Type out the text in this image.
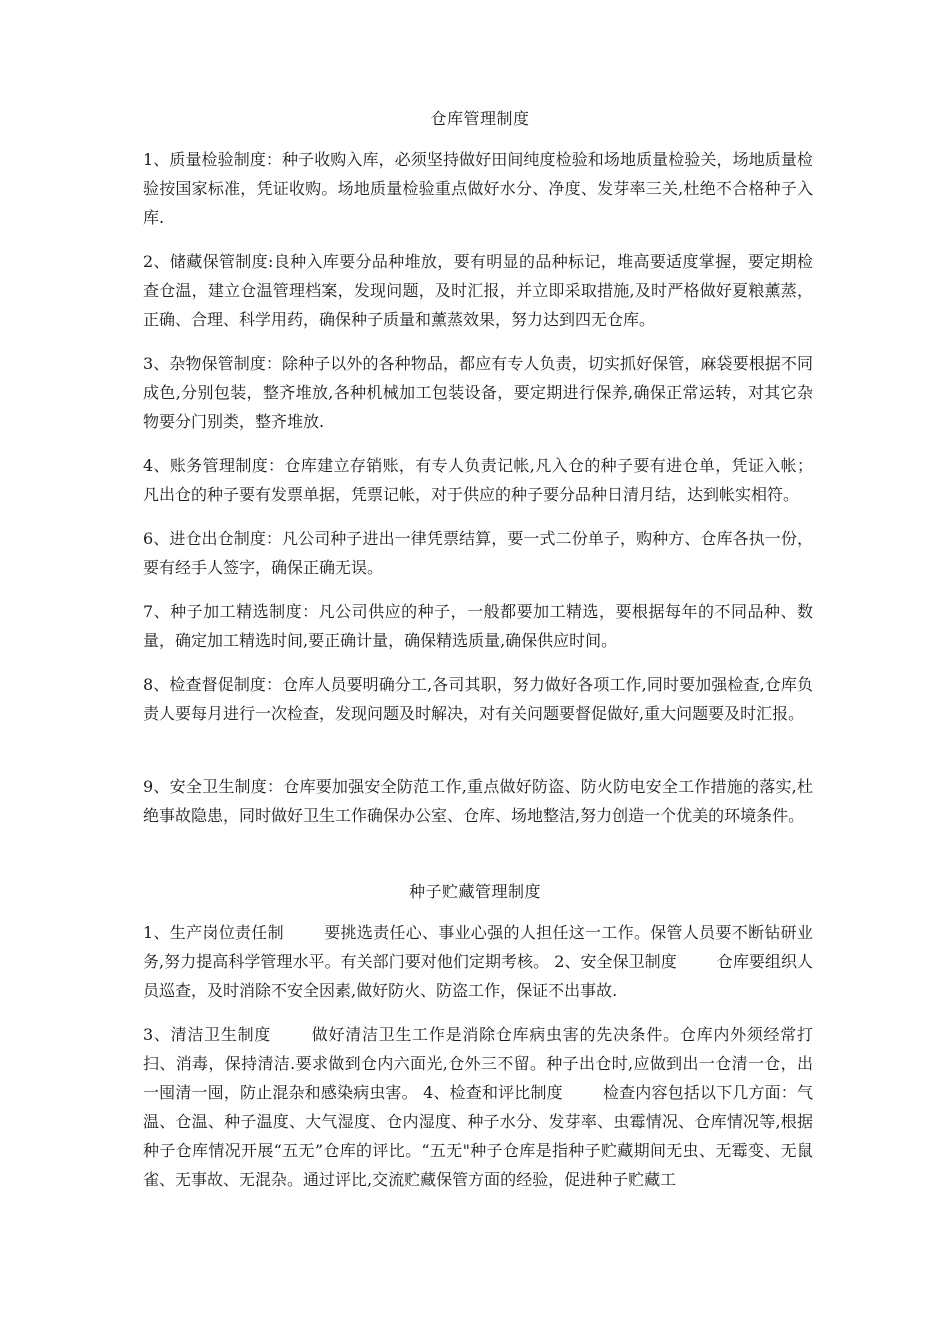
仓库管理制度

1、质量检验制度：种子收购入库，必须坚持做好田间纯度检验和场地质量检验关，场地质量检验按国家标准，凭证收购。场地质量检验重点做好水分、净度、发芽率三关,杜绝不合格种子入库.

2、储藏保管制度:良种入库要分品种堆放，要有明显的品种标记，堆高要适度掌握，要定期检查仓温，建立仓温管理档案，发现问题，及时汇报，并立即采取措施,及时严格做好夏粮薰蒸，正确、合理、科学用药，确保种子质量和薰蒸效果，努力达到四无仓库。

3、杂物保管制度：除种子以外的各种物品，都应有专人负责，切实抓好保管，麻袋要根据不同成色,分别包装，整齐堆放,各种机械加工包装设备，要定期进行保养,确保正常运转，对其它杂物要分门别类，整齐堆放.

4、账务管理制度：仓库建立存销账，有专人负责记帐,凡入仓的种子要有进仓单，凭证入帐；凡出仓的种子要有发票单据，凭票记帐，对于供应的种子要分品种日清月结，达到帐实相符。

6、进仓出仓制度：凡公司种子进出一律凭票结算，要一式二份单子，购种方、仓库各执一份，要有经手人签字，确保正确无误。

7、种子加工精选制度：凡公司供应的种子，一般都要加工精选，要根据每年的不同品种、数量，确定加工精选时间,要正确计量，确保精选质量,确保供应时间。

8、检查督促制度：仓库人员要明确分工,各司其职，努力做好各项工作,同时要加强检查,仓库负责人要每月进行一次检查，发现问题及时解决，对有关问题要督促做好,重大问题要及时汇报。

9、安全卫生制度：仓库要加强安全防范工作,重点做好防盗、防火防电安全工作措施的落实,杜绝事故隐患，同时做好卫生工作确保办公室、仓库、场地整洁,努力创造一个优美的环境条件。

种子贮藏管理制度

1、生产岗位责任制	要挑选责任心、事业心强的人担任这一工作。保管人员要不断钻研业务,努力提高科学管理水平。有关部门要对他们定期考核。 2、安全保卫制度	仓库要组织人员巡查，及时消除不安全因素,做好防火、防盗工作，保证不出事故.

3、清洁卫生制度	做好清洁卫生工作是消除仓库病虫害的先决条件。仓库内外须经常打扫、消毒，保持清洁.要求做到仓内六面光,仓外三不留。种子出仓时,应做到出一仓清一仓，出一囤清一囤，防止混杂和感染病虫害。 4、检查和评比制度	检查内容包括以下几方面：气温、仓温、种子温度、大气湿度、仓内湿度、种子水分、发芽率、虫霉情况、仓库情况等,根据种子仓库情况开展“五无”仓库的评比。“五无"种子仓库是指种子贮藏期间无虫、无霉变、无鼠雀、无事故、无混杂。通过评比,交流贮藏保管方面的经验，促进种子贮藏工
